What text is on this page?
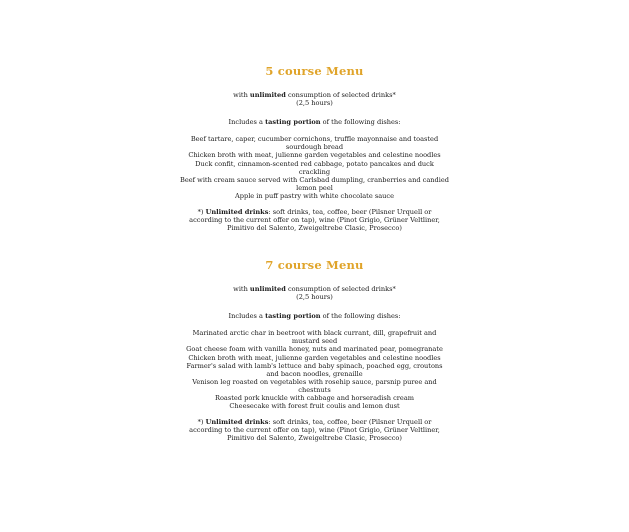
5 course Menu

with unlimited consumption of selected drinks*
(2,5 hours)

Includes a tasting portion of the following dishes:

Beef tartare, caper, cucumber cornichons, truffle mayonnaise and toasted sourdough bread
Chicken broth with meat, julienne garden vegetables and celestine noodles
Duck confit, cinnamon-scented red cabbage, potato pancakes and duck crackling
Beef with cream sauce served with Carlsbad dumpling, cranberries and candied lemon peel
Apple in puff pastry with white chocolate sauce

*) Unlimited drinks: soft drinks, tea, coffee, beer (Pilsner Urquell or according to the current offer on tap), wine (Pinot Grigio, Grüner Veltliner, Pimitivo del Salento, Zweigeltrebe Clasic, Prosecco)

7 course Menu

with unlimited consumption of selected drinks*
(2,5 hours)

Includes a tasting portion of the following dishes:

Marinated arctic char in beetroot with black currant, dill, grapefruit and mustard seed
Goat cheese foam with vanilla honey, nuts and marinated pear, pomegranate
Chicken broth with meat, julienne garden vegetables and celestine noodles
Farmer's salad with lamb's lettuce and baby spinach, poached egg, croutons and bacon noodles, grenaille
Venison leg roasted on vegetables with rosehip sauce, parsnip puree and chestnuts
Roasted pork knuckle with cabbage and horseradish cream
Cheesecake with forest fruit coulis and lemon dust

*) Unlimited drinks: soft drinks, tea, coffee, beer (Pilsner Urquell or according to the current offer on tap), wine (Pinot Grigio, Grüner Veltliner, Pimitivo del Salento, Zweigeltrebe Clasic, Prosecco)
